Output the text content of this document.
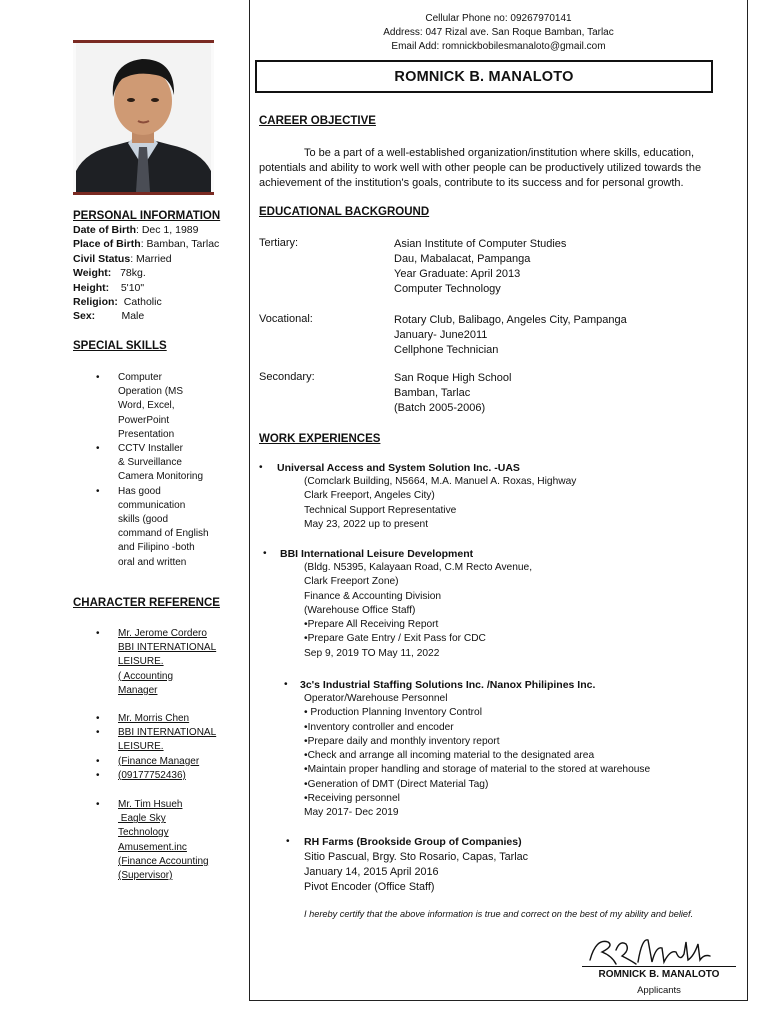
PERSONAL INFORMATION
Date of Birth: Dec 1, 1989
Place of Birth: Bamban, Tarlac
Civil Status: Married
Weight: 78kg.
Height: 5'10"
Religion: Catholic
Sex:	Male
SPECIAL SKILLS
• Computer
Operation (MS
Word, Excel,
PowerPoint
Presentation
• CCTV Installer
& Surveillance
Camera Monitoring
• Has good
communication
skills (good
command of English
and Filipino -both
oral and written
CHARACTER REFERENCE
• Mr. Jerome Cordero
BBI INTERNATIONAL
LEISURE.
( Accounting
Manager
• Mr. Morris Chen
• BBI INTERNATIONAL
LEISURE.
• (Finance Manager
• (09177752436)
• Mr. Tim Hsueh
Eagle Sky
Technology
Amusement.inc
(Finance Accounting
(Supervisor)
Cellular Phone no: 09267970141
Address: 047 Rizal ave. San Roque Bamban, Tarlac
Email Add: romnickbobilesmanaloto@gmail.com
ROMNICK B. MANALOTO
CAREER OBJECTIVE
To be a part of a well-established organization/institution where skills, education,
potentials and ability to work well with other people can be productively utilized towards the
achievement of the institution's goals, contribute to its success and for personal growth.
EDUCATIONAL BACKGROUND
Tertiary:	Asian Institute of Computer Studies
Dau, Mabalacat, Pampanga
Year Graduate: April 2013
Computer Technology
Vocational:	Rotary Club, Balibago, Angeles City, Pampanga
January- June2011
Cellphone Technician
Secondary:	San Roque High School
Bamban, Tarlac
(Batch 2005-2006)
WORK EXPERIENCES
• Universal Access and System Solution Inc. -UAS
(Comclark Building, N5664, M.A. Manuel A. Roxas, Highway
Clark Freeport, Angeles City)
Technical Support Representative
May 23, 2022 up to present
• BBI International Leisure Development
(Bldg. N5395, Kalayaan Road, C.M Recto Avenue,
Clark Freeport Zone)
Finance & Accounting Division
(Warehouse Office Staff)
•Prepare All Receiving Report
•Prepare Gate Entry / Exit Pass for CDC
Sep 9, 2019 TO May 11, 2022
• 3c's Industrial Staffing Solutions Inc. /Nanox Philipines Inc.
Operator/Warehouse Personnel
• Production Planning Inventory Control
•Inventory controller and encoder
•Prepare daily and monthly inventory report
•Check and arrange all incoming material to the designated area
•Maintain proper handling and storage of material to the stored at warehouse
•Generation of DMT (Direct Material Tag)
•Receiving personnel
May 2017- Dec 2019
• RH Farms (Brookside Group of Companies)
Sitio Pascual, Brgy. Sto Rosario, Capas, Tarlac
January 14, 2015 April 2016
Pivot Encoder (Office Staff)
I hereby certify that the above information is true and correct on the best of my ability and belief.
ROMNICK B. MANALOTO
Applicants
